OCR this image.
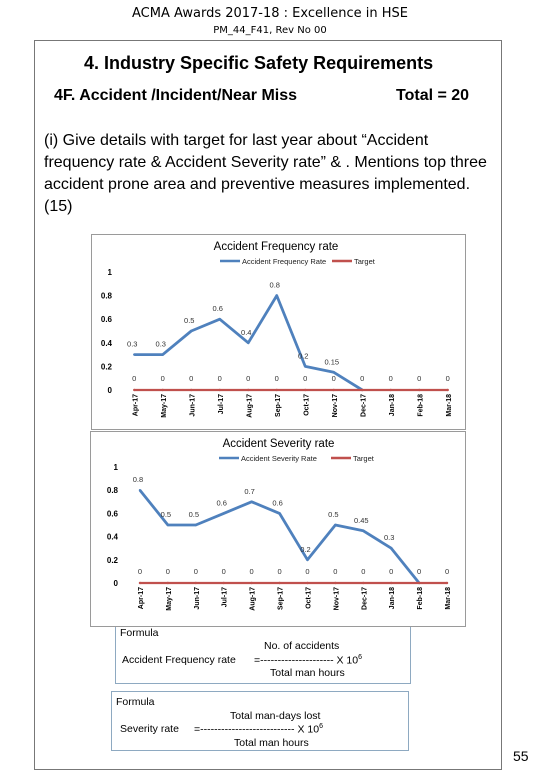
ACMA Awards 2017-18 : Excellence in HSE
PM_44_F41, Rev No 00
4. Industry Specific Safety Requirements
4F. Accident /Incident/Near Miss	Total = 20
(i) Give details with target for last year about “Accident frequency rate & Accident Severity rate” & . Mentions top three accident prone area and preventive measures implemented.(15)
Accident Frequency rate
Accident Frequency Rate	Target
0
0.2
0.4
0.6
0.8
1
Apr-17	May-17	Jun-17	Jul-17	Aug-17	Sep-17	Oct-17	Nov-17	Dec-17	Jan-18	Feb-18	Mar-18
0.3 0.3
0.5
0.6
0.4
0.8
0.2
0.15
0	0	0	0	0	0	0	0	0	0	0	0
Accident Severity rate
Accident Severity Rate	Target
0
0.2
0.4
0.6
0.8
1
Apr-17	May-17	Jun-17	Jul-17	Aug-17	Sep-17	Oct-17	Nov-17	Dec-17	Jan-18	Feb-18	Mar-18
0.8
0.5 0.5
0.6
0.7
0.6
0.2
0.5
0.45
0.3
0	0	0	0	0	0	0	0	0	0	0	0
Formula
No. of accidents
Accident Frequency rate =--------------------- X $10^6$
Total man hours
Formula
Total man-days lost
Severity rate =--------------------------- X $10^6$
Total man hours
55
